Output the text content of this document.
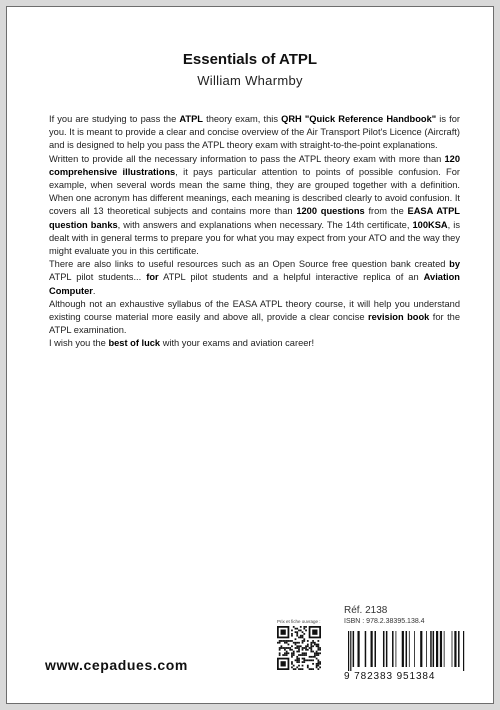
Essentials of ATPL
William Wharmby

If you are studying to pass the ATPL theory exam, this QRH "Quick Reference Handbook" is for you. It is meant to provide a clear and concise overview of the Air Transport Pilot's Licence (Aircraft) and is designed to help you pass the ATPL theory exam with straight-to-the-point explanations.

Written to provide all the necessary information to pass the ATPL theory exam with more than 120 comprehensive illustrations, it pays particular attention to points of possible confusion. For example, when several words mean the same thing, they are grouped together with a definition. When one acronym has different meanings, each meaning is described clearly to avoid confusion. It covers all 13 theoretical subjects and contains more than 1200 questions from the EASA ATPL question banks, with answers and explanations when necessary. The 14th certificate, 100KSA, is dealt with in general terms to prepare you for what you may expect from your ATO and the way they might evaluate you in this certificate.

There are also links to useful resources such as an Open Source free question bank created by ATPL pilot students... for ATPL pilot students and a helpful interactive replica of an Aviation Computer.

Although not an exhaustive syllabus of the EASA ATPL theory course, it will help you understand existing course material more easily and above all, provide a clear concise revision book for the ATPL examination.

I wish you the best of luck with your exams and aviation career!

www.cepadues.com
Prix et fiche ouvrage :
Réf. 2138
ISBN : 978.2.38395.138.4
9 782383 951384
